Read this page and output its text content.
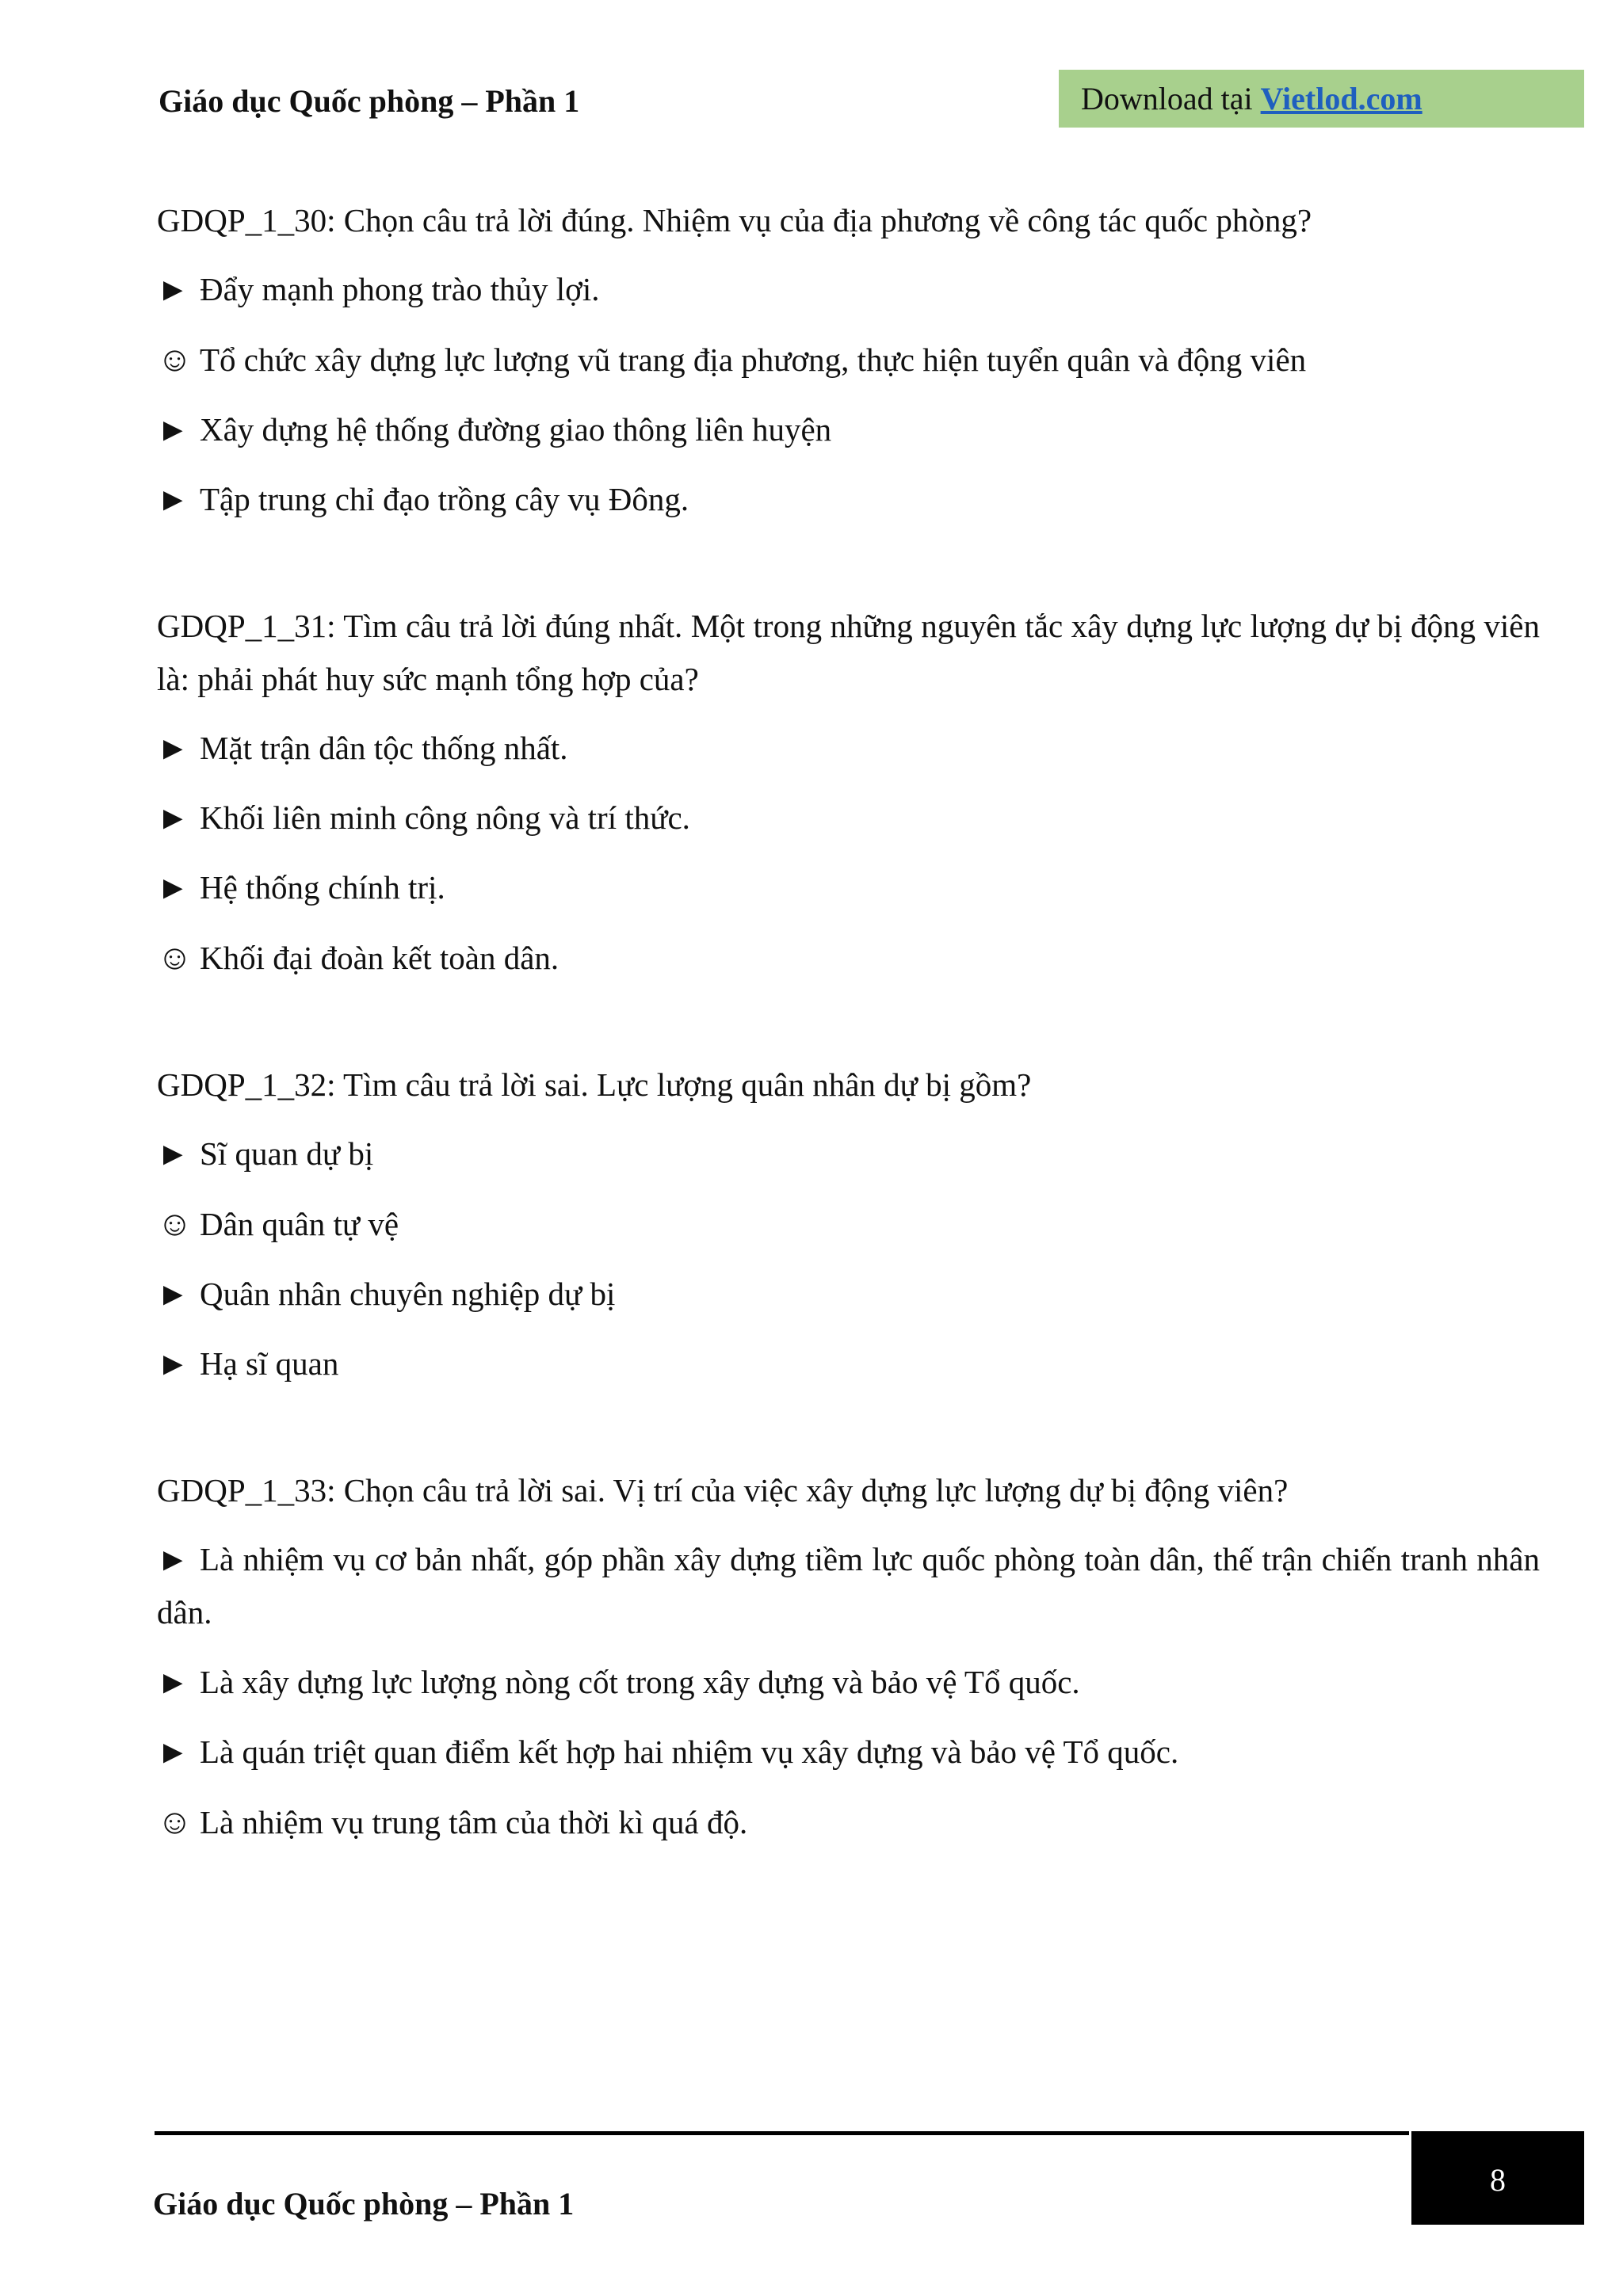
Giáo dục Quốc phòng – Phần 1	Download tại Vietlod.com

GDQP_1_30: Chọn câu trả lời đúng. Nhiệm vụ của địa phương về công tác quốc phòng?

► Đẩy mạnh phong trào thủy lợi.

☺ Tổ chức xây dựng lực lượng vũ trang địa phương, thực hiện tuyển quân và động viên

► Xây dựng hệ thống đường giao thông liên huyện

► Tập trung chỉ đạo trồng cây vụ Đông.

GDQP_1_31: Tìm câu trả lời đúng nhất. Một trong những nguyên tắc xây dựng lực lượng dự bị động viên là: phải phát huy sức mạnh tổng hợp của?

► Mặt trận dân tộc thống nhất.

► Khối liên minh công nông và trí thức.

► Hệ thống chính trị.

☺ Khối đại đoàn kết toàn dân.

GDQP_1_32: Tìm câu trả lời sai. Lực lượng quân nhân dự bị gồm?

► Sĩ quan dự bị

☺ Dân quân tự vệ

► Quân nhân chuyên nghiệp dự bị

► Hạ sĩ quan

GDQP_1_33: Chọn câu trả lời sai. Vị trí của việc xây dựng lực lượng dự bị động viên?

► Là nhiệm vụ cơ bản nhất, góp phần xây dựng tiềm lực quốc phòng toàn dân, thế trận chiến tranh nhân dân.

► Là xây dựng lực lượng nòng cốt trong xây dựng và bảo vệ Tổ quốc.

► Là quán triệt quan điểm kết hợp hai nhiệm vụ xây dựng và bảo vệ Tổ quốc.

☺ Là nhiệm vụ trung tâm của thời kì quá độ.

Giáo dục Quốc phòng – Phần 1
8
